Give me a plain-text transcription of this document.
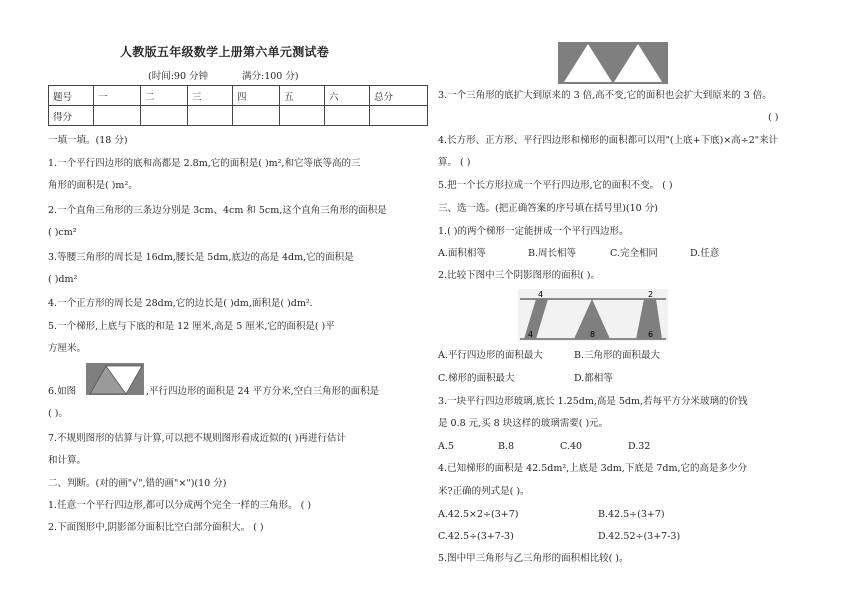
人教版五年级数学上册第六单元测试卷
(时间:90 分钟	满分:100 分)
题号	一	二	三	四	五	六	总分
得分							
一填一填。(18 分)
1.一个平行四边形的底和高都是 2.8m,它的面积是( )m²,和它等底等高的三
角形的面积是( )m²。
2.一个直角三角形的三条边分别是 3cm、4cm 和 5cm,这个直角三角形的面积是
( )cm²
3.等腰三角形的周长是 16dm,腰长是 5dm,底边的高是 4dm,它的面积是
( )dm²
4.一个正方形的周长是 28dm,它的边长是( )dm,面积是( )dm².
5.一个梯形,上底与下底的和是 12 厘米,高是 5 厘米,它的面积是( )平
方厘米。
6.如图	,平行四边形的面积是 24 平方分米,空白三角形的面积是
( )。
7.不规则图形的估算与计算,可以把不规则图形看成近似的( )再进行估计
和计算。
二、判断。(对的画"√",错的画"×")(10 分)
1.任意一个平行四边形,都可以分成两个完全一样的三角形。 ( )
2.下面图形中,阴影部分面积比空白部分面积大。 ( )
3.一个三角形的底扩大到原来的 3 倍,高不变,它的面积也会扩大到原来的 3 倍。
( )
4.长方形、正方形、平行四边形和梯形的面积都可以用"(上底+下底)×高÷2"来计
算。 ( )
5.把一个长方形拉成一个平行四边形,它的面积不变。 ( )
三、选一选。(把正确答案的序号填在括号里)(10 分)
1.( )的两个梯形一定能拼成一个平行四边形。
A.面积相等	B.周长相等	C.完全相同	D.任意
2.比较下图中三个阴影图形的面积( )。
4	2
4	8	6
A.平行四边形的面积最大	B.三角形的面积最大
C.梯形的面积最大	D.都相等
3.一块平行四边形玻璃,底长 1.25dm,高是 5dm,若每平方分米玻璃的价钱
是 0.8 元,买 8 块这样的玻璃需要( )元。
A.5	B.8	C.40	D.32
4.已知梯形的面积是 42.5dm²,上底是 3dm,下底是 7dm,它的高是多少分
米?正确的列式是( )。
A.42.5×2÷(3+7)	B.42.5÷(3+7)
C.42.5÷(3+7-3)	D.42.52÷(3+7-3)
5.图中甲三角形与乙三角形的面积相比较( )。
